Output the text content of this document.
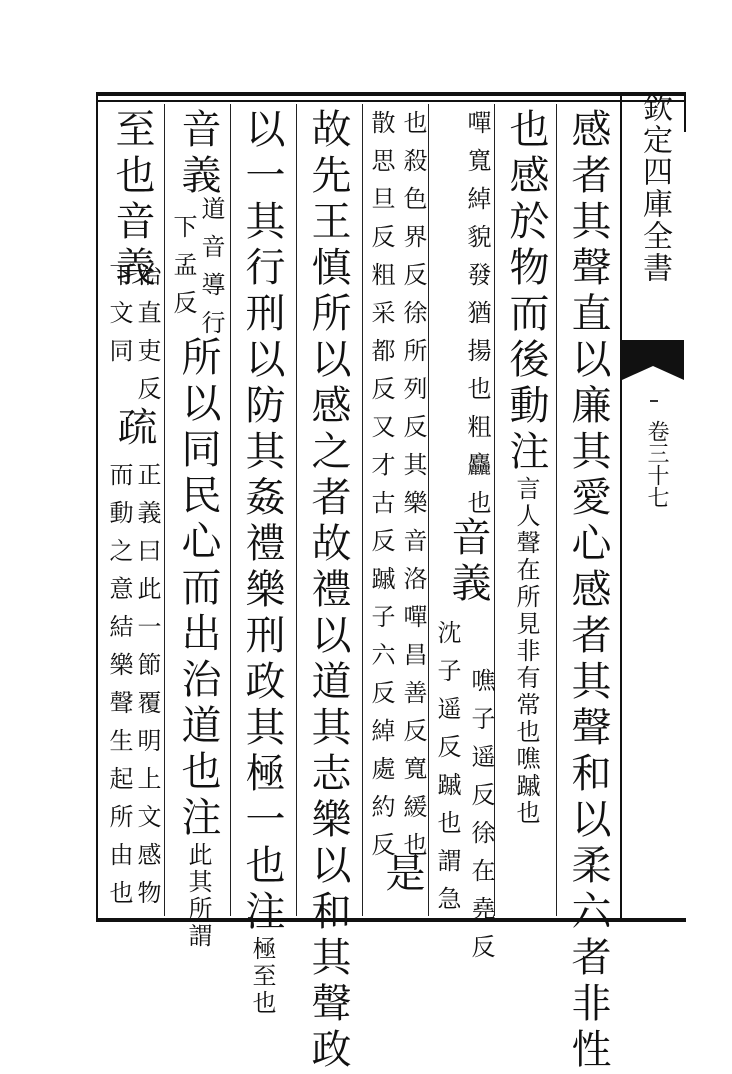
欽定四庫全書
卷三十七
感者其聲直以廉其愛心感者其聲和以柔六者非性
也感於物而後動注言人聲在所見非有常也噍䠞也
嘽寬綽貌發猶揚也粗麤也
音義
噍子遥反徐在堯反
沈子遥反䠞也謂急
也殺色界反徐所列反其樂音洛嘽昌善反寬緩也
散思旦反粗采都反又才古反䠞子六反綽處約反
是
故先王慎所以感之者故禮以道其志樂以和其聲政
以一其行刑以防其姦禮樂刑政其極一也注極至也
音義
道音導行
下孟反
所以同民心而出治道也注此其所謂
至也音義
治直吏反
下文同
疏
正義曰此一節覆明上文感物
而動之意結樂聲生起所由也
